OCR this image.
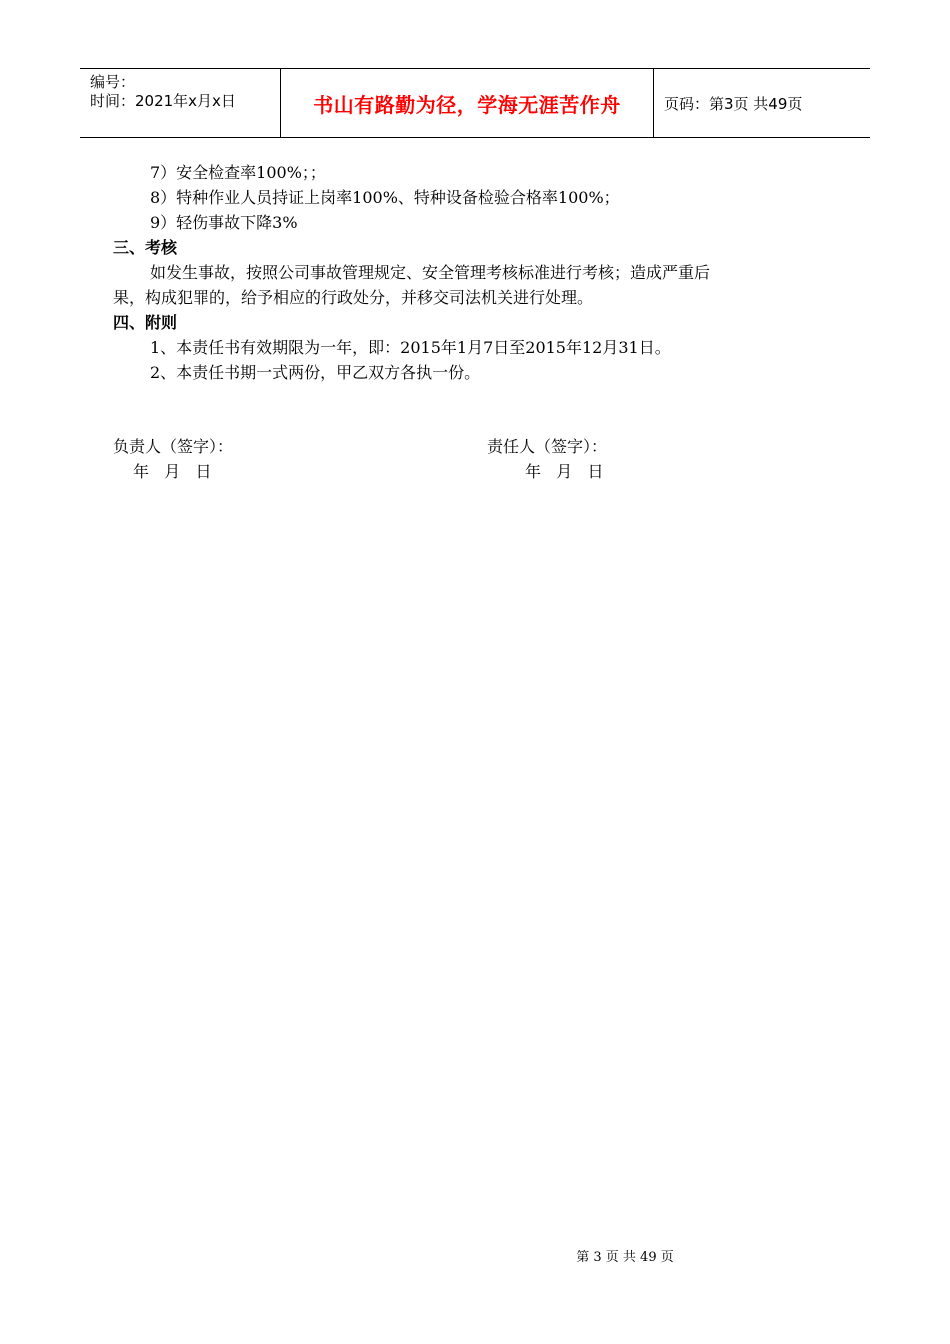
编号：
时间：2021年x月x日	书山有路勤为径，学海无涯苦作舟	页码：第3页 共49页
7）安全检查率100%；；
8）特种作业人员持证上岗率100%、特种设备检验合格率100%；
9）轻伤事故下降3%
三、考核
如发生事故，按照公司事故管理规定、安全管理考核标准进行考核；造成严重后
果，构成犯罪的，给予相应的行政处分，并移交司法机关进行处理。
四、附则
1、本责任书有效期限为一年，即：2015年1月7日至2015年12月31日。
2、本责任书期一式两份，甲乙双方各执一份。
负责人（签字）：
年   月   日
责任人（签字）：
年   月   日
第 3 页 共 49 页
